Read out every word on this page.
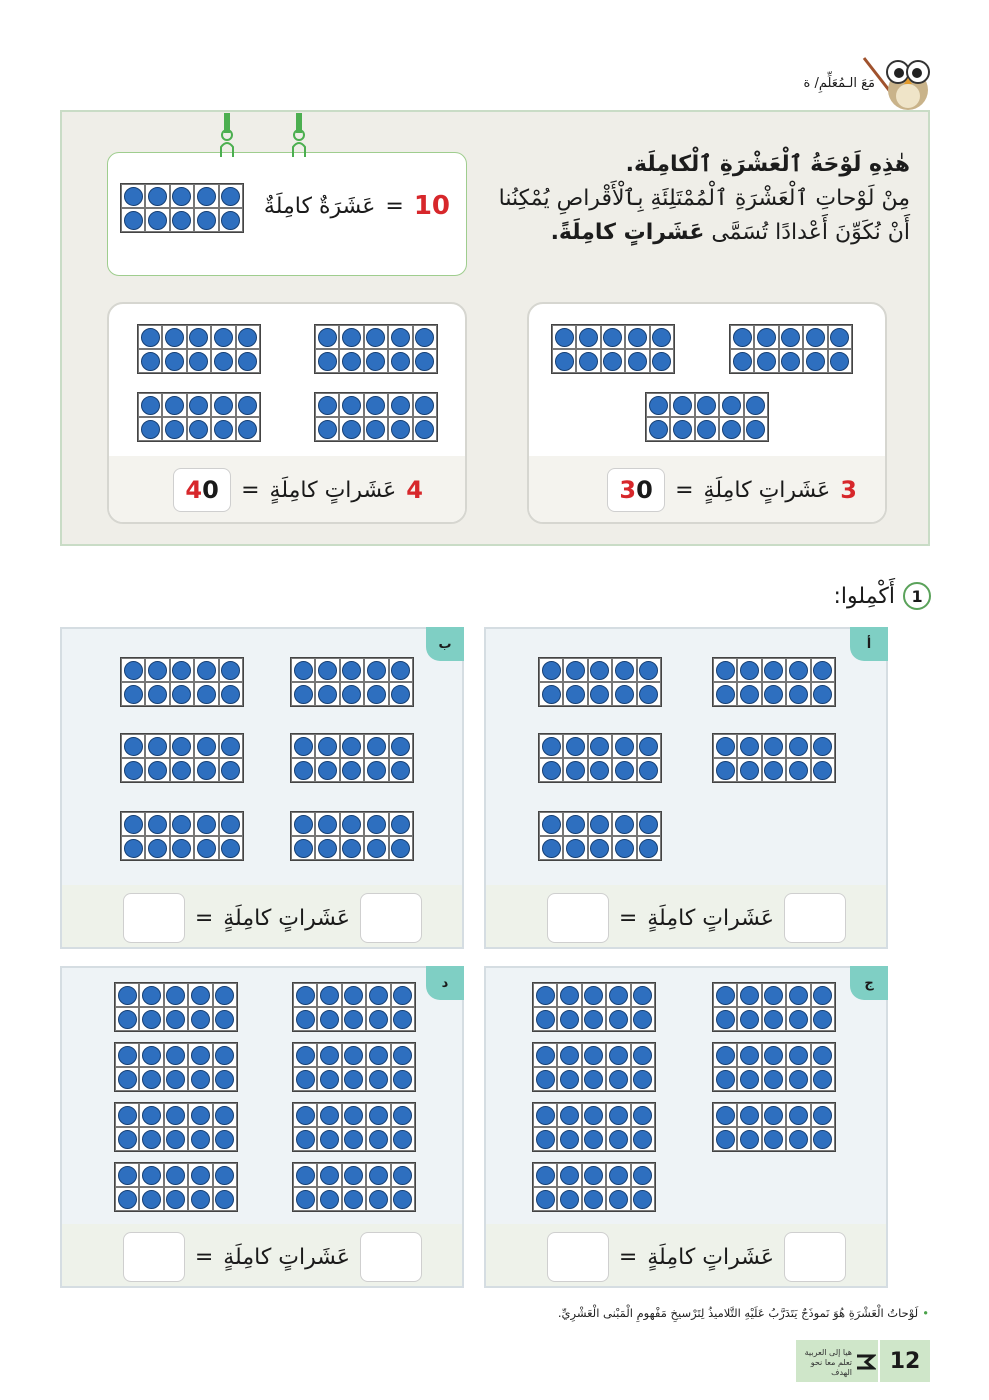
مَعَ الـمُعَلِّمِ/ ة
هٰذِهِ لَوْحَةُ ٱلْعَشْرَةِ ٱلْكامِلَة.
مِنْ لَوْحاتِ ٱلْعَشْرَةِ ٱلْمُمْتَلِئَةِ بِٱلْأَقْراصِ يُمْكِنُنا
أَنْ نُكَوِّنَ أَعْدادًا تُسَمَّى عَشَراتٍ كامِلَةً.
10
=
عَشَرَةٌ كامِلَةٌ
3
عَشَراتٍ كامِلَةٍ
=
30
4
عَشَراتٍ كامِلَةٍ
=
40
1
أَكْمِلوا:
أ
عَشَراتٍ كامِلَةٍ
=
ب
عَشَراتٍ كامِلَةٍ
=
ج
عَشَراتٍ كامِلَةٍ
=
د
عَشَراتٍ كامِلَةٍ
=
•لَوْحاتُ الْعَشْرَةِ هُوَ نَموذَجٌ يَتَدَرَّبُ عَلَيْهِ التَّلاميذُ لِتَرْسيخِ مَفْهومِ الْمَبْنى الْعَشْرِيِّ.
هيا إلى العربية
تعلم معا نحو الهدف	12
